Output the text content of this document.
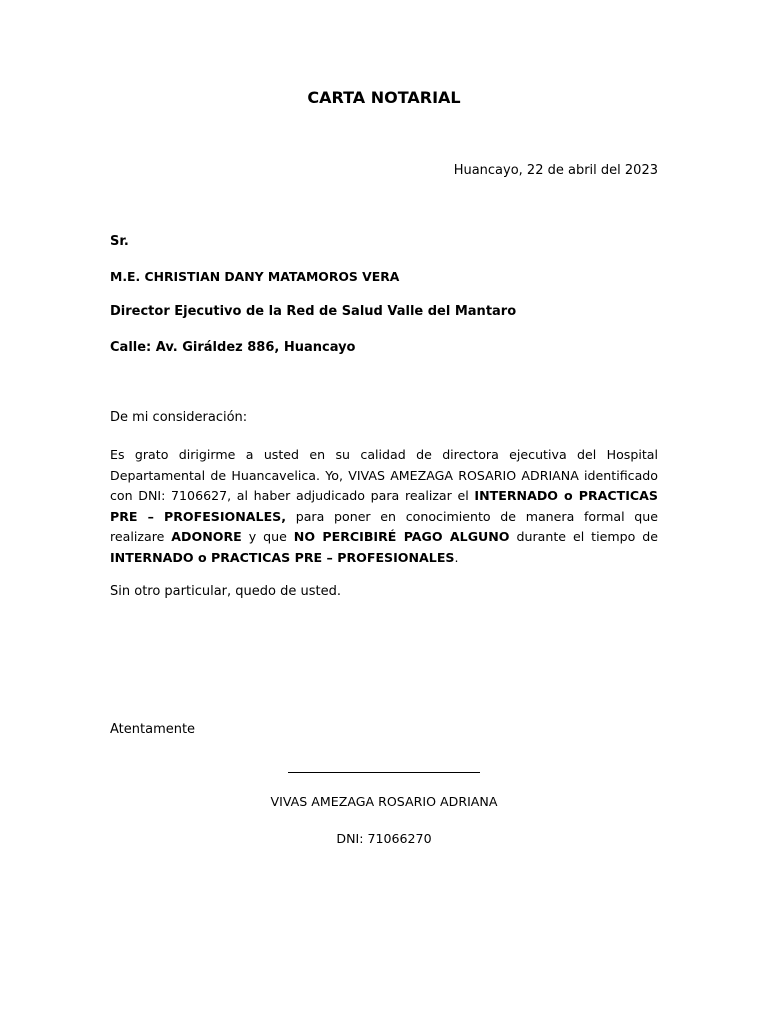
CARTA NOTARIAL
Huancayo, 22 de abril del 2023
Sr.
M.E. CHRISTIAN DANY MATAMOROS VERA
Director Ejecutivo de la Red de Salud Valle del Mantaro
Calle: Av. Giráldez 886, Huancayo
De mi consideración:
Es grato dirigirme a usted en su calidad de directora ejecutiva del Hospital Departamental de Huancavelica. Yo, VIVAS AMEZAGA ROSARIO ADRIANA identificado con DNI: 7106627, al haber adjudicado para realizar el INTERNADO o PRACTICAS PRE – PROFESIONALES, para poner en conocimiento de manera formal que realizare ADONORE y que NO PERCIBIRÉ PAGO ALGUNO durante el tiempo de INTERNADO o PRACTICAS PRE – PROFESIONALES.
Sin otro particular, quedo de usted.
Atentamente
VIVAS AMEZAGA ROSARIO ADRIANA
DNI: 71066270
